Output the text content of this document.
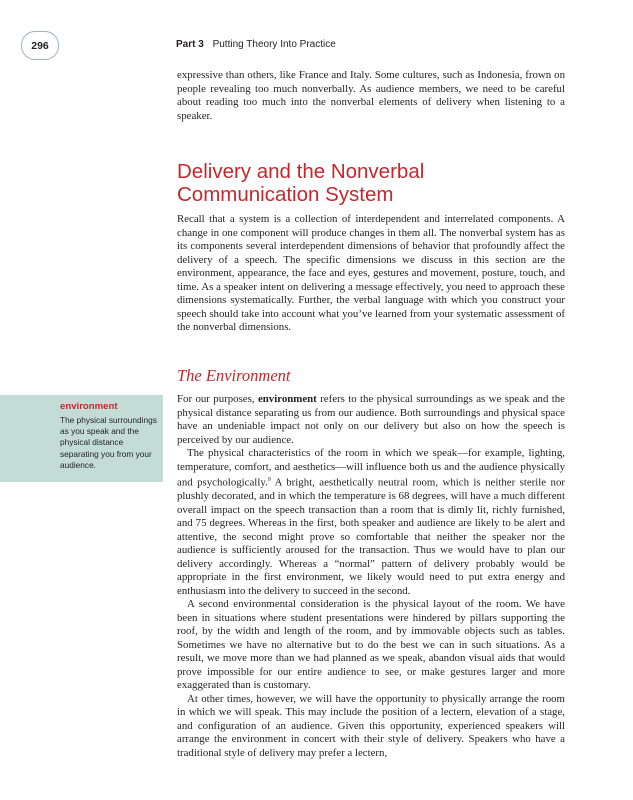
296	Part 3 Putting Theory Into Practice

expressive than others, like France and Italy. Some cultures, such as Indonesia, frown on people revealing too much nonverbally. As audience members, we need to be careful about reading too much into the nonverbal elements of delivery when listening to a speaker.

Delivery and the Nonverbal Communication System

Recall that a system is a collection of interdependent and interrelated components. A change in one component will produce changes in them all. The nonverbal system has as its components several interdependent dimensions of behavior that profoundly affect the delivery of a speech. The specific dimensions we discuss in this section are the environment, appearance, the face and eyes, gestures and movement, posture, touch, and time. As a speaker intent on delivering a message effectively, you need to approach these dimensions systematically. Further, the verbal language with which you construct your speech should take into account what you’ve learned from your systematic assessment of the nonverbal dimensions.

The Environment

environment

The physical surroundings as you speak and the physical distance separating you from your audience.

For our purposes, environment refers to the physical surroundings as we speak and the physical distance separating us from our audience. Both surroundings and physical space have an undeniable impact not only on our delivery but also on how the speech is perceived by our audience.

The physical characteristics of the room in which we speak—for example, lighting, temperature, comfort, and aesthetics—will influence both us and the audience physically and psychologically.$^9$ A bright, aesthetically neutral room, which is neither sterile nor plushly decorated, and in which the temperature is 68 degrees, will have a much different overall impact on the speech transaction than a room that is dimly lit, richly furnished, and 75 degrees. Whereas in the first, both speaker and audience are likely to be alert and attentive, the second might prove so comfortable that neither the speaker nor the audience is sufficiently aroused for the transaction. Thus we would have to plan our delivery accordingly. Whereas a “normal” pattern of delivery probably would be appropriate in the first environment, we likely would need to put extra energy and enthusiasm into the delivery to succeed in the second.

A second environmental consideration is the physical layout of the room. We have been in situations where student presentations were hindered by pillars supporting the roof, by the width and length of the room, and by immovable objects such as tables. Sometimes we have no alternative but to do the best we can in such situations. As a result, we move more than we had planned as we speak, abandon visual aids that would prove impossible for our entire audience to see, or make gestures larger and more exaggerated than is customary.

At other times, however, we will have the opportunity to physically arrange the room in which we will speak. This may include the position of a lectern, elevation of a stage, and configuration of an audience. Given this opportunity, experienced speakers will arrange the environment in concert with their style of delivery. Speakers who have a traditional style of delivery may prefer a lectern,
